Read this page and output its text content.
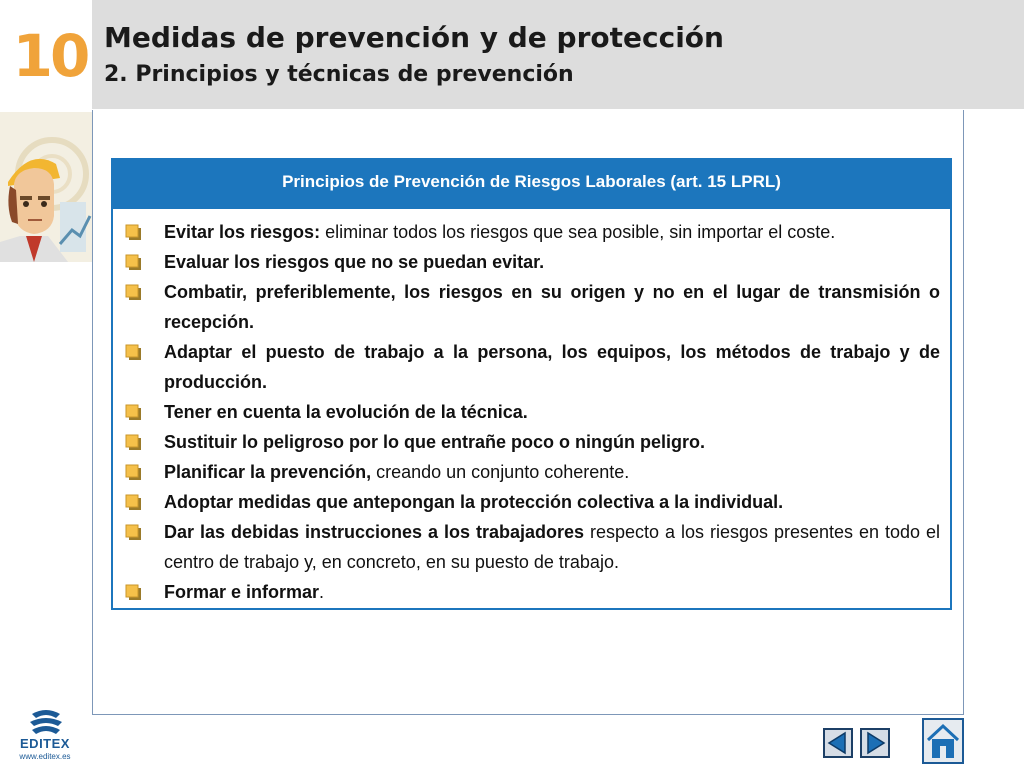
10 Medidas de prevención y de protección
2. Principios y técnicas de prevención
Principios de Prevención de Riesgos Laborales (art. 15 LPRL)
Evitar los riesgos: eliminar todos los riesgos que sea posible, sin importar el coste.
Evaluar los riesgos que no se puedan evitar.
Combatir, preferiblemente, los riesgos en su origen y no en el lugar de transmisión o recepción.
Adaptar el puesto de trabajo a la persona, los equipos, los métodos de trabajo y de producción.
Tener en cuenta la evolución de la técnica.
Sustituir lo peligroso por lo que entrañe poco o ningún peligro.
Planificar la prevención, creando un conjunto coherente.
Adoptar medidas que antepongan la protección colectiva a la individual.
Dar las debidas instrucciones a los trabajadores respecto a los riesgos presentes en todo el centro de trabajo y, en concreto, en su puesto de trabajo.
Formar e informar.
EDITEX
www.editex.es
